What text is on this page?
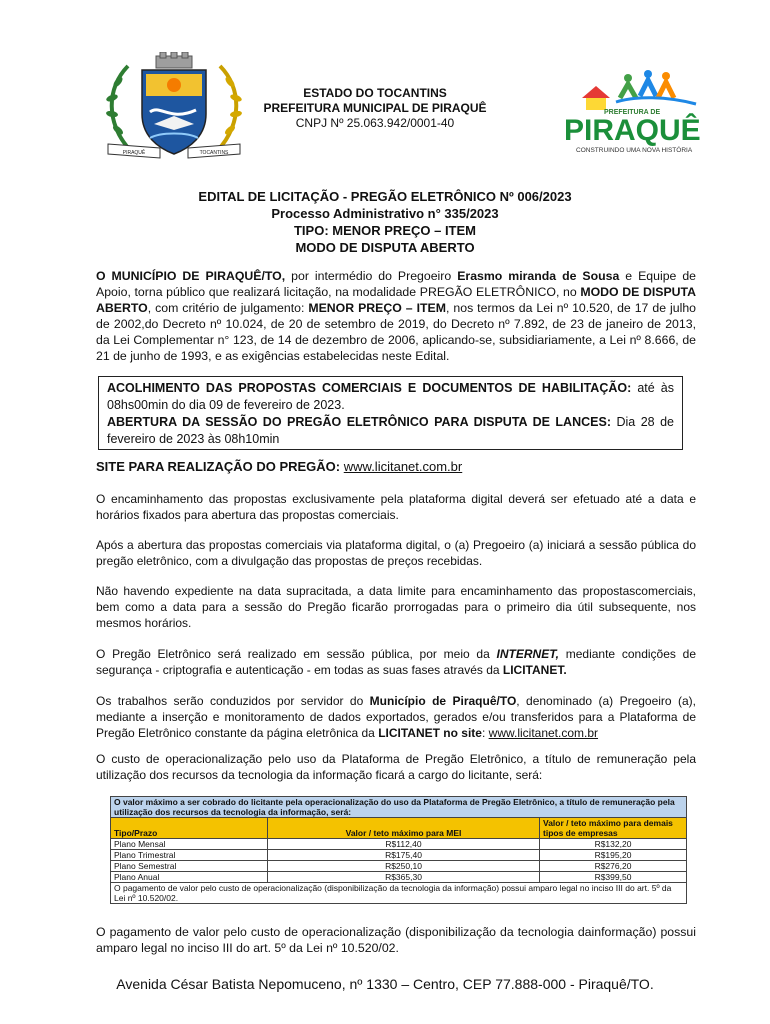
PIRAQUÊ	TOCANTINS
ESTADO DO TOCANTINS
PREFEITURA MUNICIPAL DE PIRAQUÊ
CNPJ Nº 25.063.942/0001-40
PREFEITURA DE
PIRAQUÊ
CONSTRUINDO UMA NOVA HISTÓRIA
EDITAL DE LICITAÇÃO - PREGÃO ELETRÔNICO Nº 006/2023
Processo Administrativo n° 335/2023
TIPO: MENOR PREÇO – ITEM
MODO DE DISPUTA ABERTO
O MUNICÍPIO DE PIRAQUÊ/TO, por intermédio do Pregoeiro Erasmo miranda de Sousa e Equipe de Apoio, torna público que realizará licitação, na modalidade PREGÃO ELETRÔNICO, no MODO DE DISPUTA ABERTO, com critério de julgamento: MENOR PREÇO – ITEM, nos termos da Lei nº 10.520, de 17 de julho de 2002,do Decreto nº 10.024, de 20 de setembro de 2019, do Decreto nº 7.892, de 23 de janeiro de 2013, da Lei Complementar n° 123, de 14 de dezembro de 2006, aplicando-se, subsidiariamente, a Lei nº 8.666, de 21 de junho de 1993, e as exigências estabelecidas neste Edital.
ACOLHIMENTO DAS PROPOSTAS COMERCIAIS E DOCUMENTOS DE HABILITAÇÃO: até às 08hs00min do dia 09 de fevereiro de 2023.
ABERTURA DA SESSÃO DO PREGÃO ELETRÔNICO PARA DISPUTA DE LANCES: Dia 28 de fevereiro de 2023 às 08h10min
SITE PARA REALIZAÇÃO DO PREGÃO: www.licitanet.com.br
O encaminhamento das propostas exclusivamente pela plataforma digital deverá ser efetuado até a data e horários fixados para abertura das propostas comerciais.
Após a abertura das propostas comerciais via plataforma digital, o (a) Pregoeiro (a) iniciará a sessão pública do pregão eletrônico, com a divulgação das propostas de preços recebidas.
Não havendo expediente na data supracitada, a data limite para encaminhamento das propostascomerciais, bem como a data para a sessão do Pregão ficarão prorrogadas para o primeiro dia útil subsequente, nos mesmos horários.
O Pregão Eletrônico será realizado em sessão pública, por meio da INTERNET, mediante condições de segurança - criptografia e autenticação - em todas as suas fases através da LICITANET.
Os trabalhos serão conduzidos por servidor do Município de Piraquê/TO, denominado (a) Pregoeiro (a), mediante a inserção e monitoramento de dados exportados, gerados e/ou transferidos para a Plataforma de Pregão Eletrônico constante da página eletrônica da LICITANET no site: www.licitanet.com.br
O custo de operacionalização pelo uso da Plataforma de Pregão Eletrônico, a título de remuneração pela utilização dos recursos da tecnologia da informação ficará a cargo do licitante, será:
O valor máximo a ser cobrado do licitante pela operacionalização do uso da Plataforma de Pregão Eletrônico, a título de remuneração pela utilização dos recursos da tecnologia da informação, será:		
Tipo/Prazo	Valor / teto máximo para MEI	Valor / teto máximo para demais tipos de empresas
Plano Mensal	R$112,40	R$132,20
Plano Trimestral	R$175,40	R$195,20
Plano Semestral	R$250,10	R$276,20
Plano Anual	R$365,30	R$399,50
O pagamento de valor pelo custo de operacionalização (disponibilização da tecnologia da informação) possui amparo legal no inciso III do art. 5º da Lei nº 10.520/02.		
O pagamento de valor pelo custo de operacionalização (disponibilização da tecnologia dainformação) possui amparo legal no inciso III do art. 5º da Lei nº 10.520/02.
Avenida César Batista Nepomuceno, nº 1330 – Centro, CEP 77.888-000 - Piraquê/TO.
